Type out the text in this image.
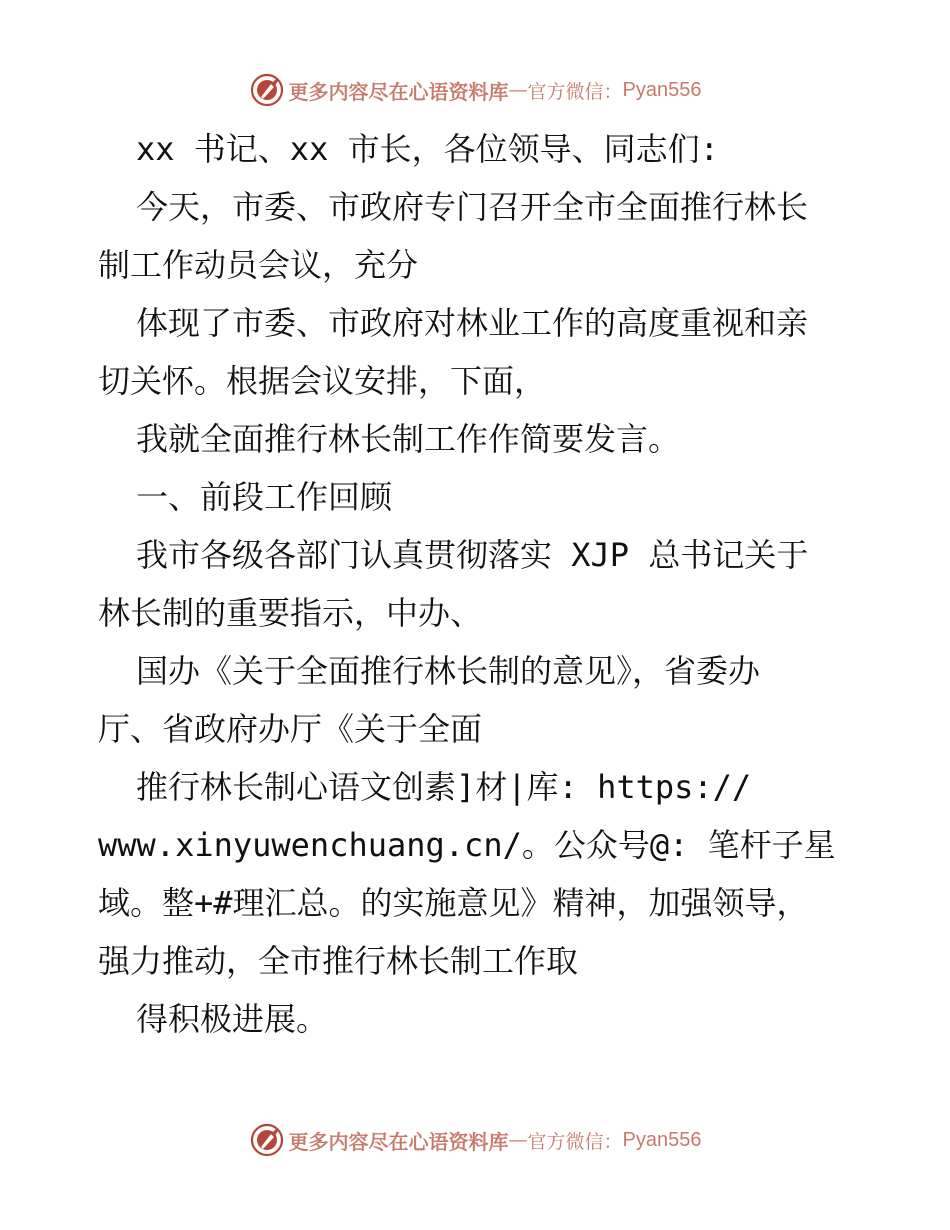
更多内容尽在心语资料库 — 官方微信： Pyan556
xx 书记、xx 市长，各位领导、同志们:
今天，市委、市政府专门召开全市全面推行林长
制工作动员会议，充分
体现了市委、市政府对林业工作的高度重视和亲
切关怀。根据会议安排，下面，
我就全面推行林长制工作作简要发言。
一、前段工作回顾
我市各级各部门认真贯彻落实 XJP 总书记关于
林长制的重要指示，中办、
国办《关于全面推行林长制的意见》，省委办
厅、省政府办厅《关于全面
推行林长制心语文创素]材|库: https://
www.xinyuwenchuang.cn/。公众号@: 笔杆子星
域。整+#理汇总。的实施意见》精神，加强领导，
强力推动，全市推行林长制工作取
得积极进展。
更多内容尽在心语资料库 — 官方微信： Pyan556
